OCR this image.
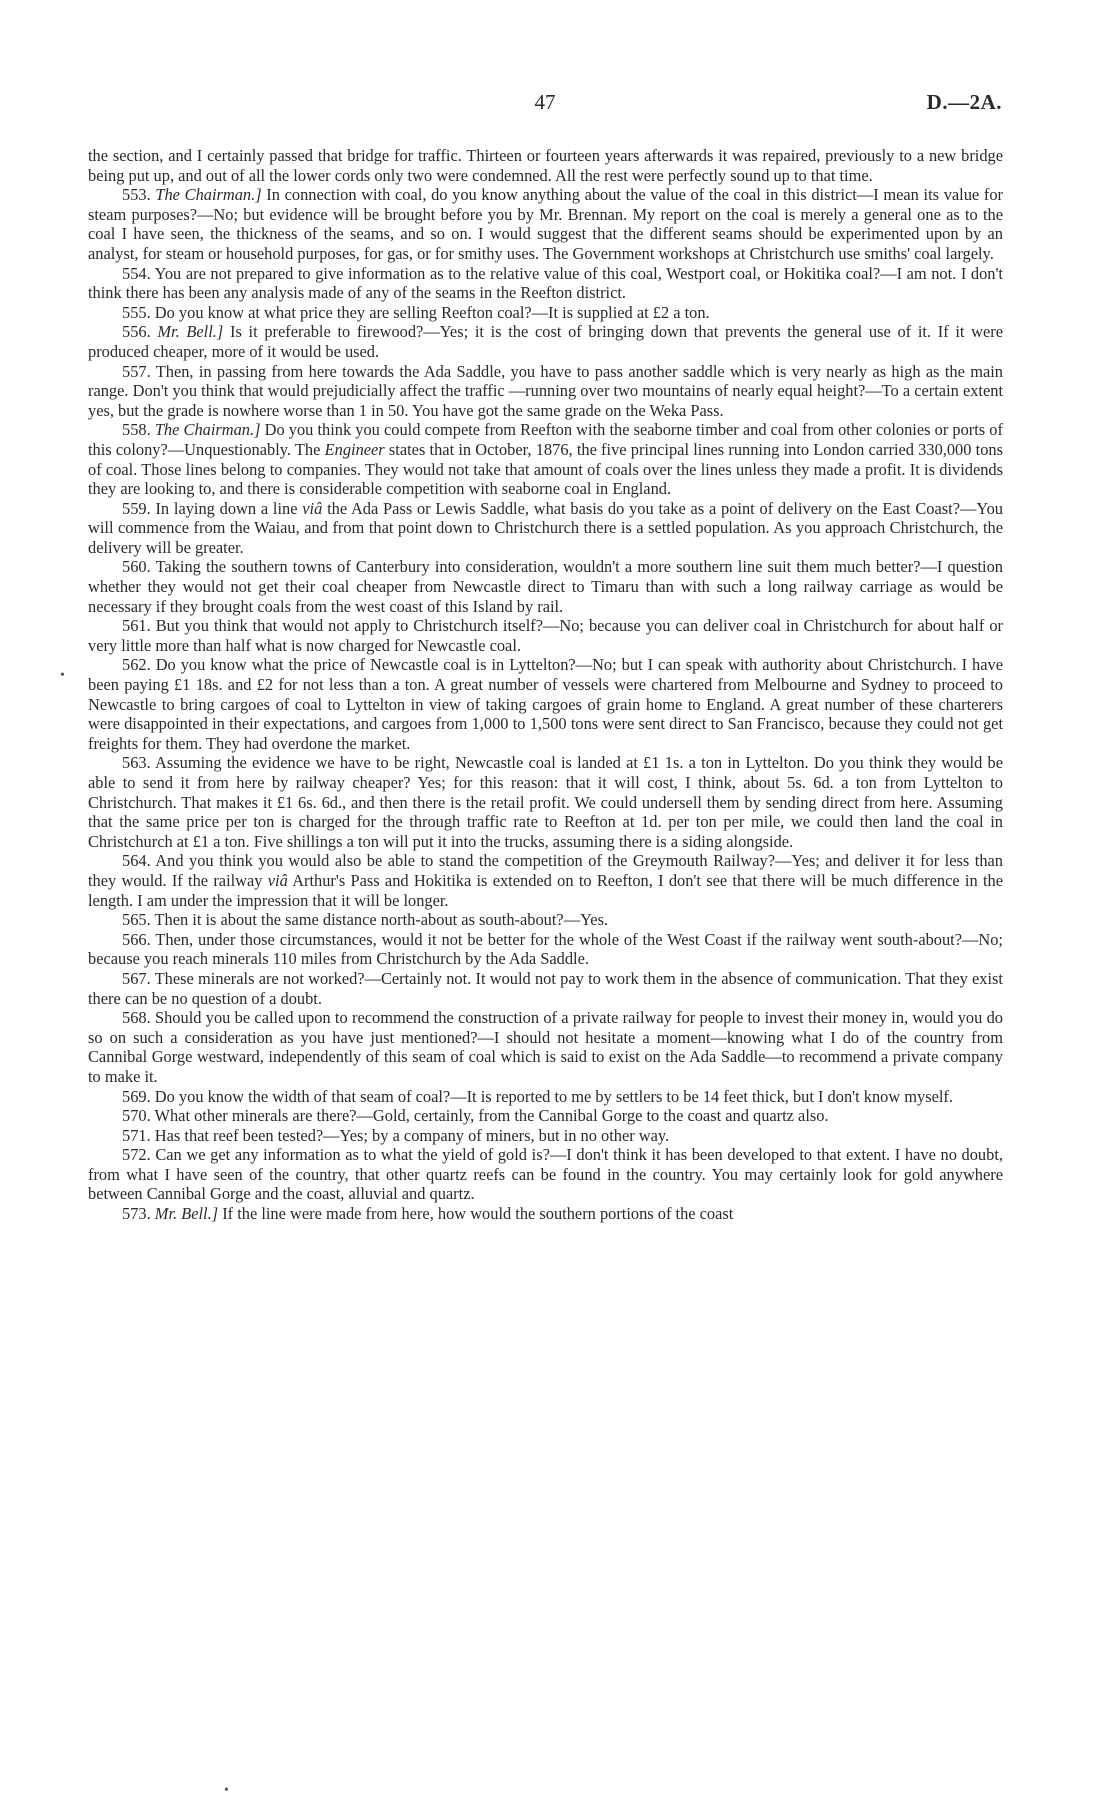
47	D.—2A.
•
•

the section, and I certainly passed that bridge for traffic. Thirteen or fourteen years afterwards it was repaired, previously to a new bridge being put up, and out of all the lower cords only two were condemned. All the rest were perfectly sound up to that time.

553. The Chairman.] In connection with coal, do you know anything about the value of the coal in this district—I mean its value for steam purposes?—No; but evidence will be brought before you by Mr. Brennan. My report on the coal is merely a general one as to the coal I have seen, the thickness of the seams, and so on. I would suggest that the different seams should be experimented upon by an analyst, for steam or household purposes, for gas, or for smithy uses. The Government workshops at Christchurch use smiths' coal largely.

554. You are not prepared to give information as to the relative value of this coal, Westport coal, or Hokitika coal?—I am not. I don't think there has been any analysis made of any of the seams in the Reefton district.

555. Do you know at what price they are selling Reefton coal?—It is supplied at £2 a ton.

556. Mr. Bell.] Is it preferable to firewood?—Yes; it is the cost of bringing down that prevents the general use of it. If it were produced cheaper, more of it would be used.

557. Then, in passing from here towards the Ada Saddle, you have to pass another saddle which is very nearly as high as the main range. Don't you think that would prejudicially affect the traffic —running over two mountains of nearly equal height?—To a certain extent yes, but the grade is nowhere worse than 1 in 50. You have got the same grade on the Weka Pass.

558. The Chairman.] Do you think you could compete from Reefton with the seaborne timber and coal from other colonies or ports of this colony?—Unquestionably. The Engineer states that in October, 1876, the five principal lines running into London carried 330,000 tons of coal. Those lines belong to companies. They would not take that amount of coals over the lines unless they made a profit. It is dividends they are looking to, and there is considerable competition with seaborne coal in England.

559. In laying down a line viâ the Ada Pass or Lewis Saddle, what basis do you take as a point of delivery on the East Coast?—You will commence from the Waiau, and from that point down to Christchurch there is a settled population. As you approach Christchurch, the delivery will be greater.

560. Taking the southern towns of Canterbury into consideration, wouldn't a more southern line suit them much better?—I question whether they would not get their coal cheaper from Newcastle direct to Timaru than with such a long railway carriage as would be necessary if they brought coals from the west coast of this Island by rail.

561. But you think that would not apply to Christchurch itself?—No; because you can deliver coal in Christchurch for about half or very little more than half what is now charged for Newcastle coal.

562. Do you know what the price of Newcastle coal is in Lyttelton?—No; but I can speak with authority about Christchurch. I have been paying £1 18s. and £2 for not less than a ton. A great number of vessels were chartered from Melbourne and Sydney to proceed to Newcastle to bring cargoes of coal to Lyttelton in view of taking cargoes of grain home to England. A great number of these charterers were disappointed in their expectations, and cargoes from 1,000 to 1,500 tons were sent direct to San Francisco, because they could not get freights for them. They had overdone the market.

563. Assuming the evidence we have to be right, Newcastle coal is landed at £1 1s. a ton in Lyttelton. Do you think they would be able to send it from here by railway cheaper? Yes; for this reason: that it will cost, I think, about 5s. 6d. a ton from Lyttelton to Christchurch. That makes it £1 6s. 6d., and then there is the retail profit. We could undersell them by sending direct from here. Assuming that the same price per ton is charged for the through traffic rate to Reefton at 1d. per ton per mile, we could then land the coal in Christchurch at £1 a ton. Five shillings a ton will put it into the trucks, assuming there is a siding alongside.

564. And you think you would also be able to stand the competition of the Greymouth Railway?—Yes; and deliver it for less than they would. If the railway viâ Arthur's Pass and Hokitika is extended on to Reefton, I don't see that there will be much difference in the length. I am under the impression that it will be longer.

565. Then it is about the same distance north-about as south-about?—Yes.

566. Then, under those circumstances, would it not be better for the whole of the West Coast if the railway went south-about?—No; because you reach minerals 110 miles from Christchurch by the Ada Saddle.

567. These minerals are not worked?—Certainly not. It would not pay to work them in the absence of communication. That they exist there can be no question of a doubt.

568. Should you be called upon to recommend the construction of a private railway for people to invest their money in, would you do so on such a consideration as you have just mentioned?—I should not hesitate a moment—knowing what I do of the country from Cannibal Gorge westward, independently of this seam of coal which is said to exist on the Ada Saddle—to recommend a private company to make it.

569. Do you know the width of that seam of coal?—It is reported to me by settlers to be 14 feet thick, but I don't know myself.

570. What other minerals are there?—Gold, certainly, from the Cannibal Gorge to the coast and quartz also.

571. Has that reef been tested?—Yes; by a company of miners, but in no other way.

572. Can we get any information as to what the yield of gold is?—I don't think it has been developed to that extent. I have no doubt, from what I have seen of the country, that other quartz reefs can be found in the country. You may certainly look for gold anywhere between Cannibal Gorge and the coast, alluvial and quartz.

573. Mr. Bell.] If the line were made from here, how would the southern portions of the coast
